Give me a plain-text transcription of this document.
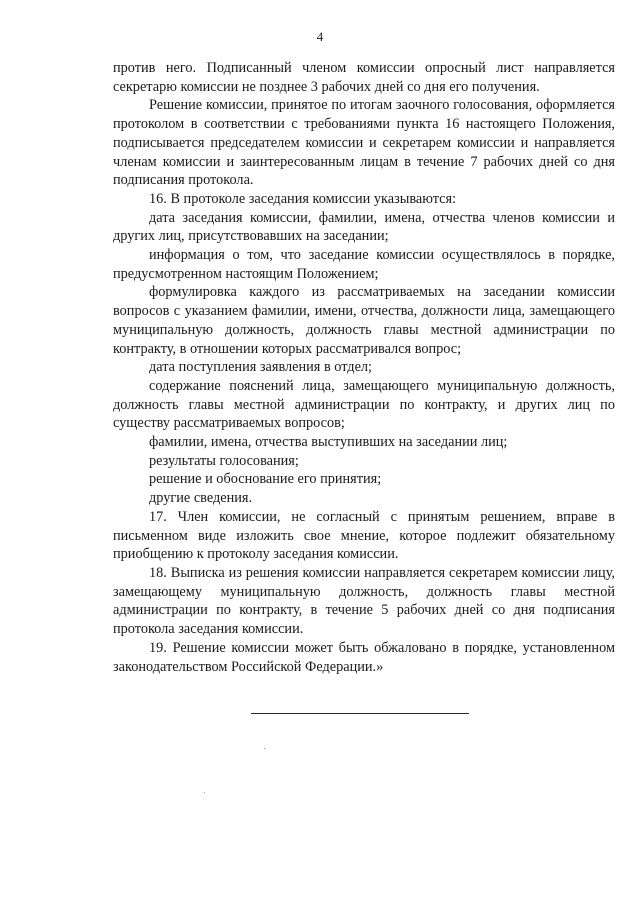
4

против него. Подписанный членом комиссии опросный лист направляется секретарю комиссии не позднее 3 рабочих дней со дня его получения.

Решение комиссии, принятое по итогам заочного голосования, оформляется протоколом в соответствии с требованиями пункта 16 настоящего Положения, подписывается председателем комиссии и секретарем комиссии и направляется членам комиссии и заинтересованным лицам в течение 7 рабочих дней со дня подписания протокола.

16. В протоколе заседания комиссии указываются:

дата заседания комиссии, фамилии, имена, отчества членов комиссии и других лиц, присутствовавших на заседании;

информация о том, что заседание комиссии осуществлялось в порядке, предусмотренном настоящим Положением;

формулировка каждого из рассматриваемых на заседании комиссии вопросов с указанием фамилии, имени, отчества, должности лица, замещающего муниципальную должность, должность главы местной администрации по контракту, в отношении которых рассматривался вопрос;

дата поступления заявления в отдел;

содержание пояснений лица, замещающего муниципальную должность, должность главы местной администрации по контракту, и других лиц по существу рассматриваемых вопросов;

фамилии, имена, отчества выступивших на заседании лиц;

результаты голосования;

решение и обоснование его принятия;

другие сведения.

17. Член комиссии, не согласный с принятым решением, вправе в письменном виде изложить свое мнение, которое подлежит обязательному приобщению к протоколу заседания комиссии.

18. Выписка из решения комиссии направляется секретарем комиссии лицу, замещающему муниципальную должность, должность главы местной администрации по контракту, в течение 5 рабочих дней со дня подписания протокола заседания комиссии.

19. Решение комиссии может быть обжаловано в порядке, установленном законодательством Российской Федерации.»
